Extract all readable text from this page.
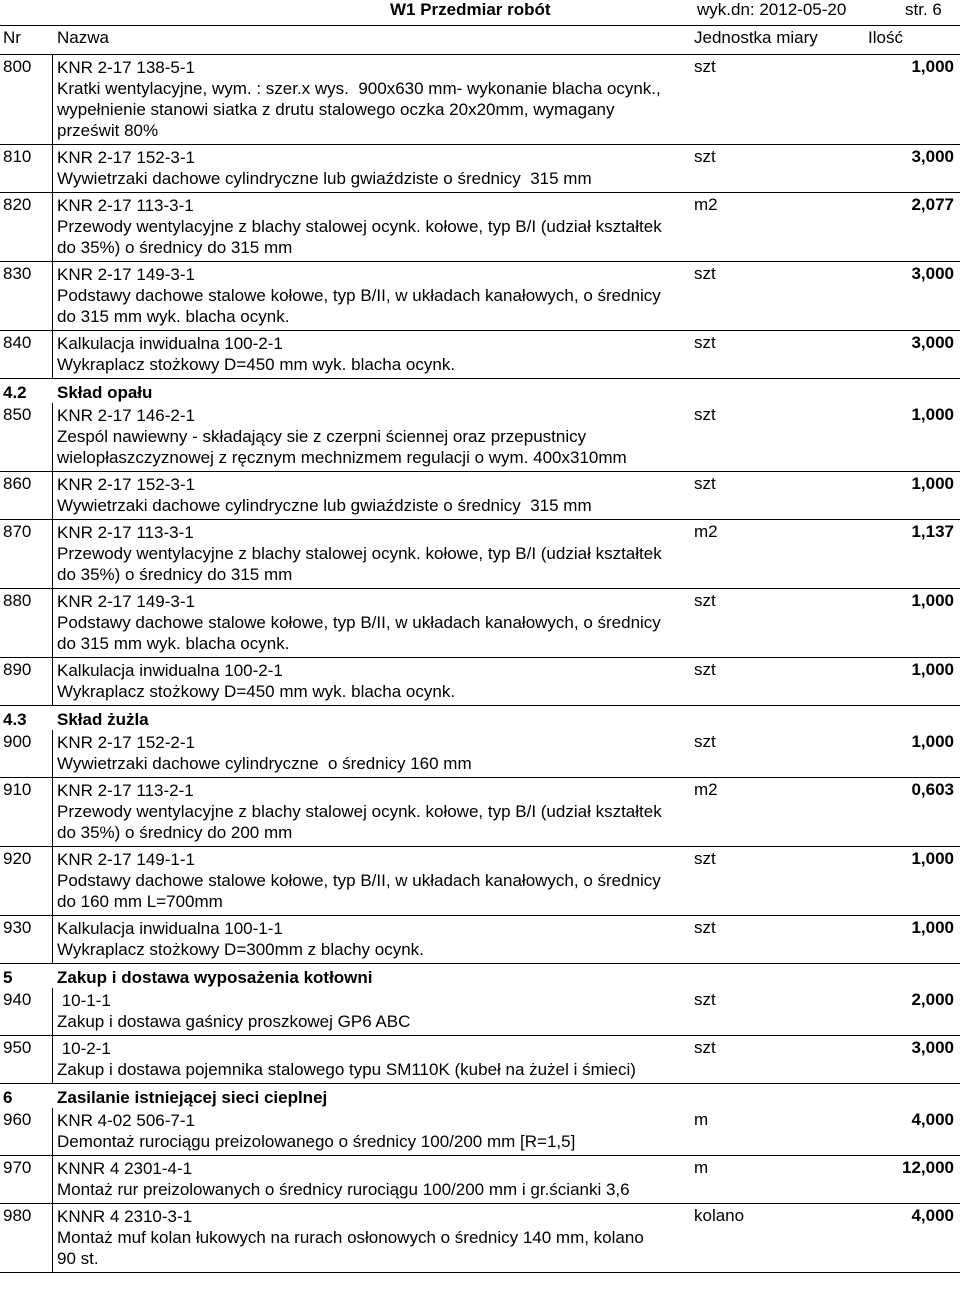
W1 Przedmiar robót	wyk.dn: 2012-05-20	str. 6
Nr Nazwa	Jednostka miary	Ilość
800 KNR 2-17 138-5-1
Kratki wentylacyjne, wym. : szer.x wys.  900x630 mm- wykonanie blacha ocynk.,
wypełnienie stanowi siatka z drutu stalowego oczka 20x20mm, wymagany
prześwit 80%
szt	1,000
810 KNR 2-17 152-3-1
Wywietrzaki dachowe cylindryczne lub gwiaździste o średnicy  315 mm
szt	3,000
820 KNR 2-17 113-3-1
Przewody wentylacyjne z blachy stalowej ocynk. kołowe, typ B/I (udział kształtek
do 35%) o średnicy do 315 mm
m2	2,077
830 KNR 2-17 149-3-1
Podstawy dachowe stalowe kołowe, typ B/II, w układach kanałowych, o średnicy
do 315 mm wyk. blacha ocynk.
szt	3,000
840 Kalkulacja inwidualna 100-2-1
Wykraplacz stożkowy D=450 mm wyk. blacha ocynk.
szt	3,000
4.2 Skład opału
850 KNR 2-17 146-2-1
Zespól nawiewny - składający sie z czerpni ściennej oraz przepustnicy
wielopłaszczyznowej z ręcznym mechnizmem regulacji o wym. 400x310mm
szt	1,000
860 KNR 2-17 152-3-1
Wywietrzaki dachowe cylindryczne lub gwiaździste o średnicy  315 mm
szt	1,000
870 KNR 2-17 113-3-1
Przewody wentylacyjne z blachy stalowej ocynk. kołowe, typ B/I (udział kształtek
do 35%) o średnicy do 315 mm
m2	1,137
880 KNR 2-17 149-3-1
Podstawy dachowe stalowe kołowe, typ B/II, w układach kanałowych, o średnicy
do 315 mm wyk. blacha ocynk.
szt	1,000
890 Kalkulacja inwidualna 100-2-1
Wykraplacz stożkowy D=450 mm wyk. blacha ocynk.
szt	1,000
4.3 Skład żużla
900 KNR 2-17 152-2-1
Wywietrzaki dachowe cylindryczne  o średnicy 160 mm
szt	1,000
910 KNR 2-17 113-2-1
Przewody wentylacyjne z blachy stalowej ocynk. kołowe, typ B/I (udział kształtek
do 35%) o średnicy do 200 mm
m2	0,603
920 KNR 2-17 149-1-1
Podstawy dachowe stalowe kołowe, typ B/II, w układach kanałowych, o średnicy
do 160 mm L=700mm
szt	1,000
930 Kalkulacja inwidualna 100-1-1
Wykraplacz stożkowy D=300mm z blachy ocynk.
szt	1,000
5	Zakup i dostawa wyposażenia kotłowni
940 10-1-1
Zakup i dostawa gaśnicy proszkowej GP6 ABC
szt	2,000
950 10-2-1
Zakup i dostawa pojemnika stalowego typu SM110K (kubeł na żużel i śmieci)
szt	3,000
6	Zasilanie istniejącej sieci cieplnej
960 KNR 4-02 506-7-1
Demontaż rurociągu preizolowanego o średnicy 100/200 mm [R=1,5]
m	4,000
970 KNNR 4 2301-4-1
Montaż rur preizolowanych o średnicy rurociągu 100/200 mm i gr.ścianki 3,6
m	12,000
980 KNNR 4 2310-3-1
Montaż muf kolan łukowych na rurach osłonowych o średnicy 140 mm, kolano
90 st.
kolano	4,000
